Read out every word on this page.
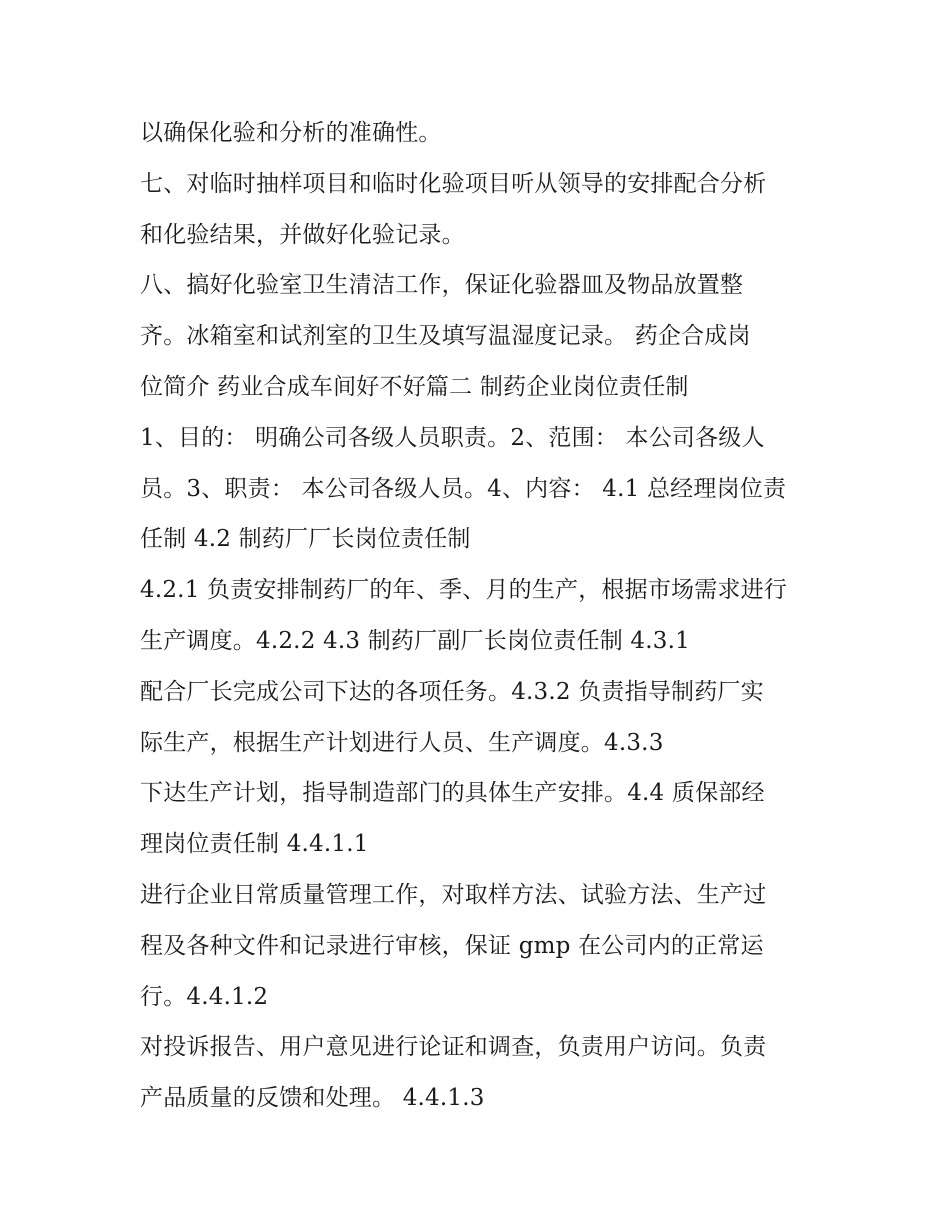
以确保化验和分析的准确性。
七、对临时抽样项目和临时化验项目听从领导的安排配合分析
和化验结果，并做好化验记录。
八、搞好化验室卫生清洁工作，保证化验器皿及物品放置整
齐。冰箱室和试剂室的卫生及填写温湿度记录。 药企合成岗
位简介 药业合成车间好不好篇二 制药企业岗位责任制
1、目的： 明确公司各级人员职责。2、范围： 本公司各级人
员。3、职责： 本公司各级人员。4、内容： 4.1 总经理岗位责
任制 4.2 制药厂厂长岗位责任制
4.2.1 负责安排制药厂的年、季、月的生产，根据市场需求进行
生产调度。4.2.2 4.3 制药厂副厂长岗位责任制 4.3.1
配合厂长完成公司下达的各项任务。4.3.2 负责指导制药厂实
际生产，根据生产计划进行人员、生产调度。4.3.3
下达生产计划，指导制造部门的具体生产安排。4.4 质保部经
理岗位责任制 4.4.1.1
进行企业日常质量管理工作，对取样方法、试验方法、生产过
程及各种文件和记录进行审核，保证 gmp 在公司内的正常运
行。4.4.1.2
对投诉报告、用户意见进行论证和调查，负责用户访问。负责
产品质量的反馈和处理。 4.4.1.3
